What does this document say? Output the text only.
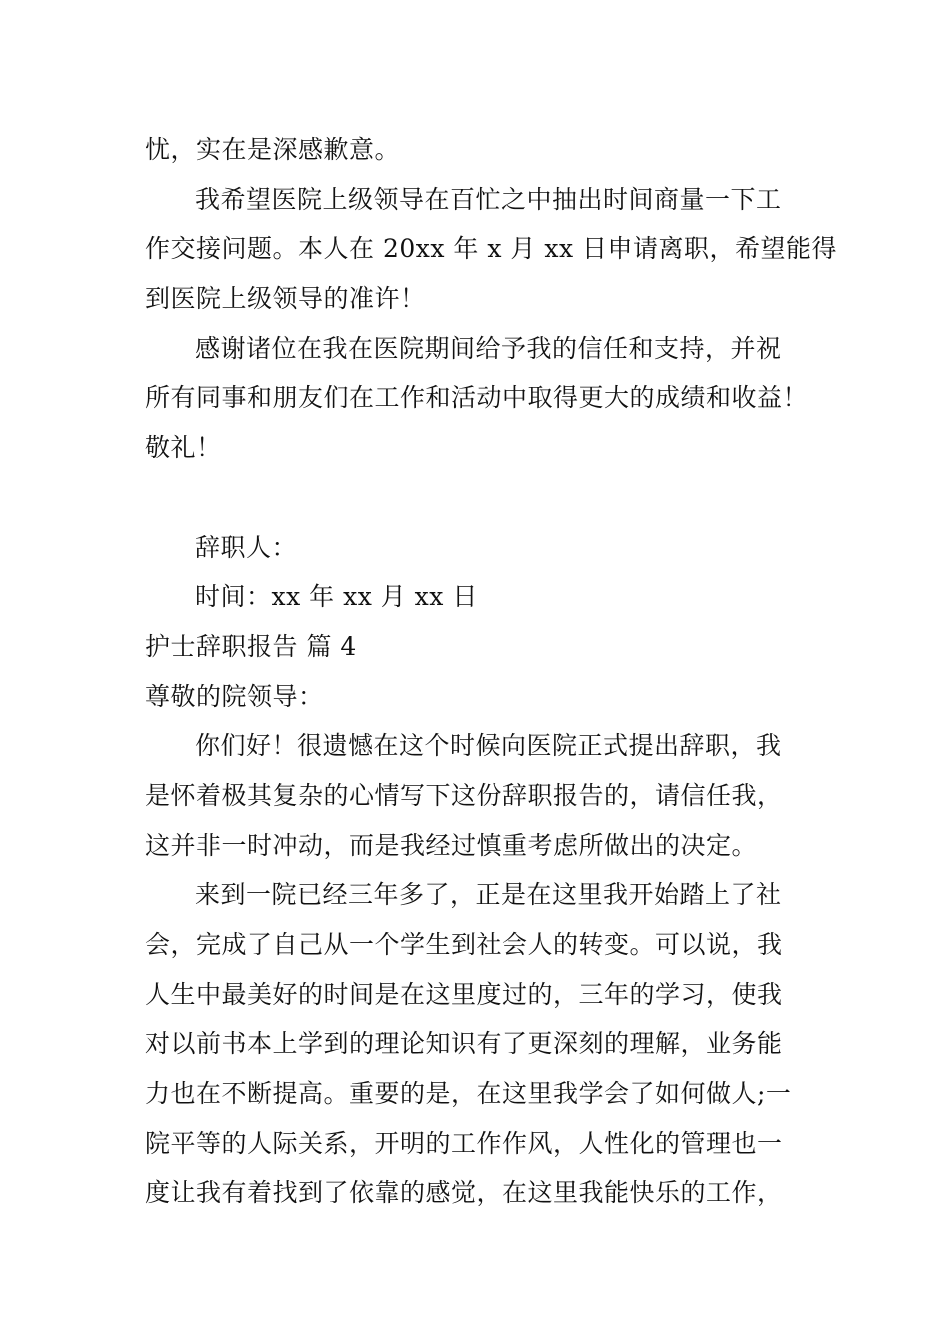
忧，实在是深感歉意。
我希望医院上级领导在百忙之中抽出时间商量一下工
作交接问题。本人在 20xx 年 x 月 xx 日申请离职，希望能得
到医院上级领导的准许！
感谢诸位在我在医院期间给予我的信任和支持，并祝
所有同事和朋友们在工作和活动中取得更大的成绩和收益！
敬礼！
辞职人：
时间：xx 年 xx 月 xx 日
护士辞职报告 篇 4
尊敬的院领导：
你们好！很遗憾在这个时候向医院正式提出辞职，我
是怀着极其复杂的心情写下这份辞职报告的，请信任我，
这并非一时冲动，而是我经过慎重考虑所做出的决定。
来到一院已经三年多了，正是在这里我开始踏上了社
会，完成了自己从一个学生到社会人的转变。可以说，我
人生中最美好的时间是在这里度过的，三年的学习，使我
对以前书本上学到的理论知识有了更深刻的理解，业务能
力也在不断提高。重要的是，在这里我学会了如何做人;一
院平等的人际关系，开明的工作作风，人性化的管理也一
度让我有着找到了依靠的感觉，在这里我能快乐的工作，
